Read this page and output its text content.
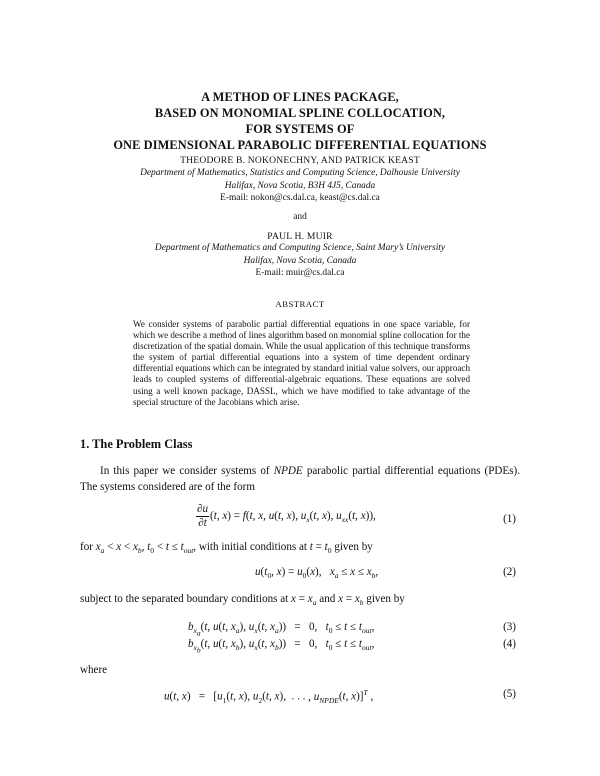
A METHOD OF LINES PACKAGE,
BASED ON MONOMIAL SPLINE COLLOCATION,
FOR SYSTEMS OF
ONE DIMENSIONAL PARABOLIC DIFFERENTIAL EQUATIONS
THEODORE B. NOKONECHNY, AND PATRICK KEAST
Department of Mathematics, Statistics and Computing Science, Dalhousie University
Halifax, Nova Scotia, B3H 4J5, Canada
E-mail: nokon@cs.dal.ca, keast@cs.dal.ca
and
PAUL H. MUIR
Department of Mathematics and Computing Science, Saint Mary’s University
Halifax, Nova Scotia, Canada
E-mail: muir@cs.dal.ca
ABSTRACT
We consider systems of parabolic partial differential equations in one space variable, for which we describe a method of lines algorithm based on monomial spline collocation for the discretization of the spatial domain. While the usual application of this technique transforms the system of partial differential equations into a system of time dependent ordinary differential equations which can be integrated by standard initial value solvers, our approach leads to coupled systems of differential-algebraic equations. These equations are solved using a well known package, DASSL, which we have modified to take advantage of the special structure of the Jacobians which arise.
1. The Problem Class
In this paper we consider systems of NPDE parabolic partial differential equations (PDEs). The systems considered are of the form
$\frac{\partial u}{\partial t} (t$, x) = f(t, x, u(t, x), $u_x(t$, x), $u_{xx}(t$, x)),	(1)
for $x_a < x < x_b$, $t_0 < t \le t_{out}$, with initial conditions at $t = t_0$ given by
$u(t_0$, $x) = u_0(x)$,   $x_a \le x \le x_b$,	(2)
subject to the separated boundary conditions at $x = x_a$ and $x = x_b$ given by
$b_{x_a}(t$, u(t, $x_a$), $u_x(t$, $x_a)) = 0$, $t_0 \le t \le t_{out}$,	(3)
$b_{x_b}(t$, u(t, $x_b$), $u_x(t$, $x_b)) = 0$, $t_0 \le t \le t_{out}$,	(4)
where
u(t, $x) = [u_1(t$, x), $u_2(t$, x),  . . . , $u_{NPDE}(t$, x)]$^T$ ,	(5)
